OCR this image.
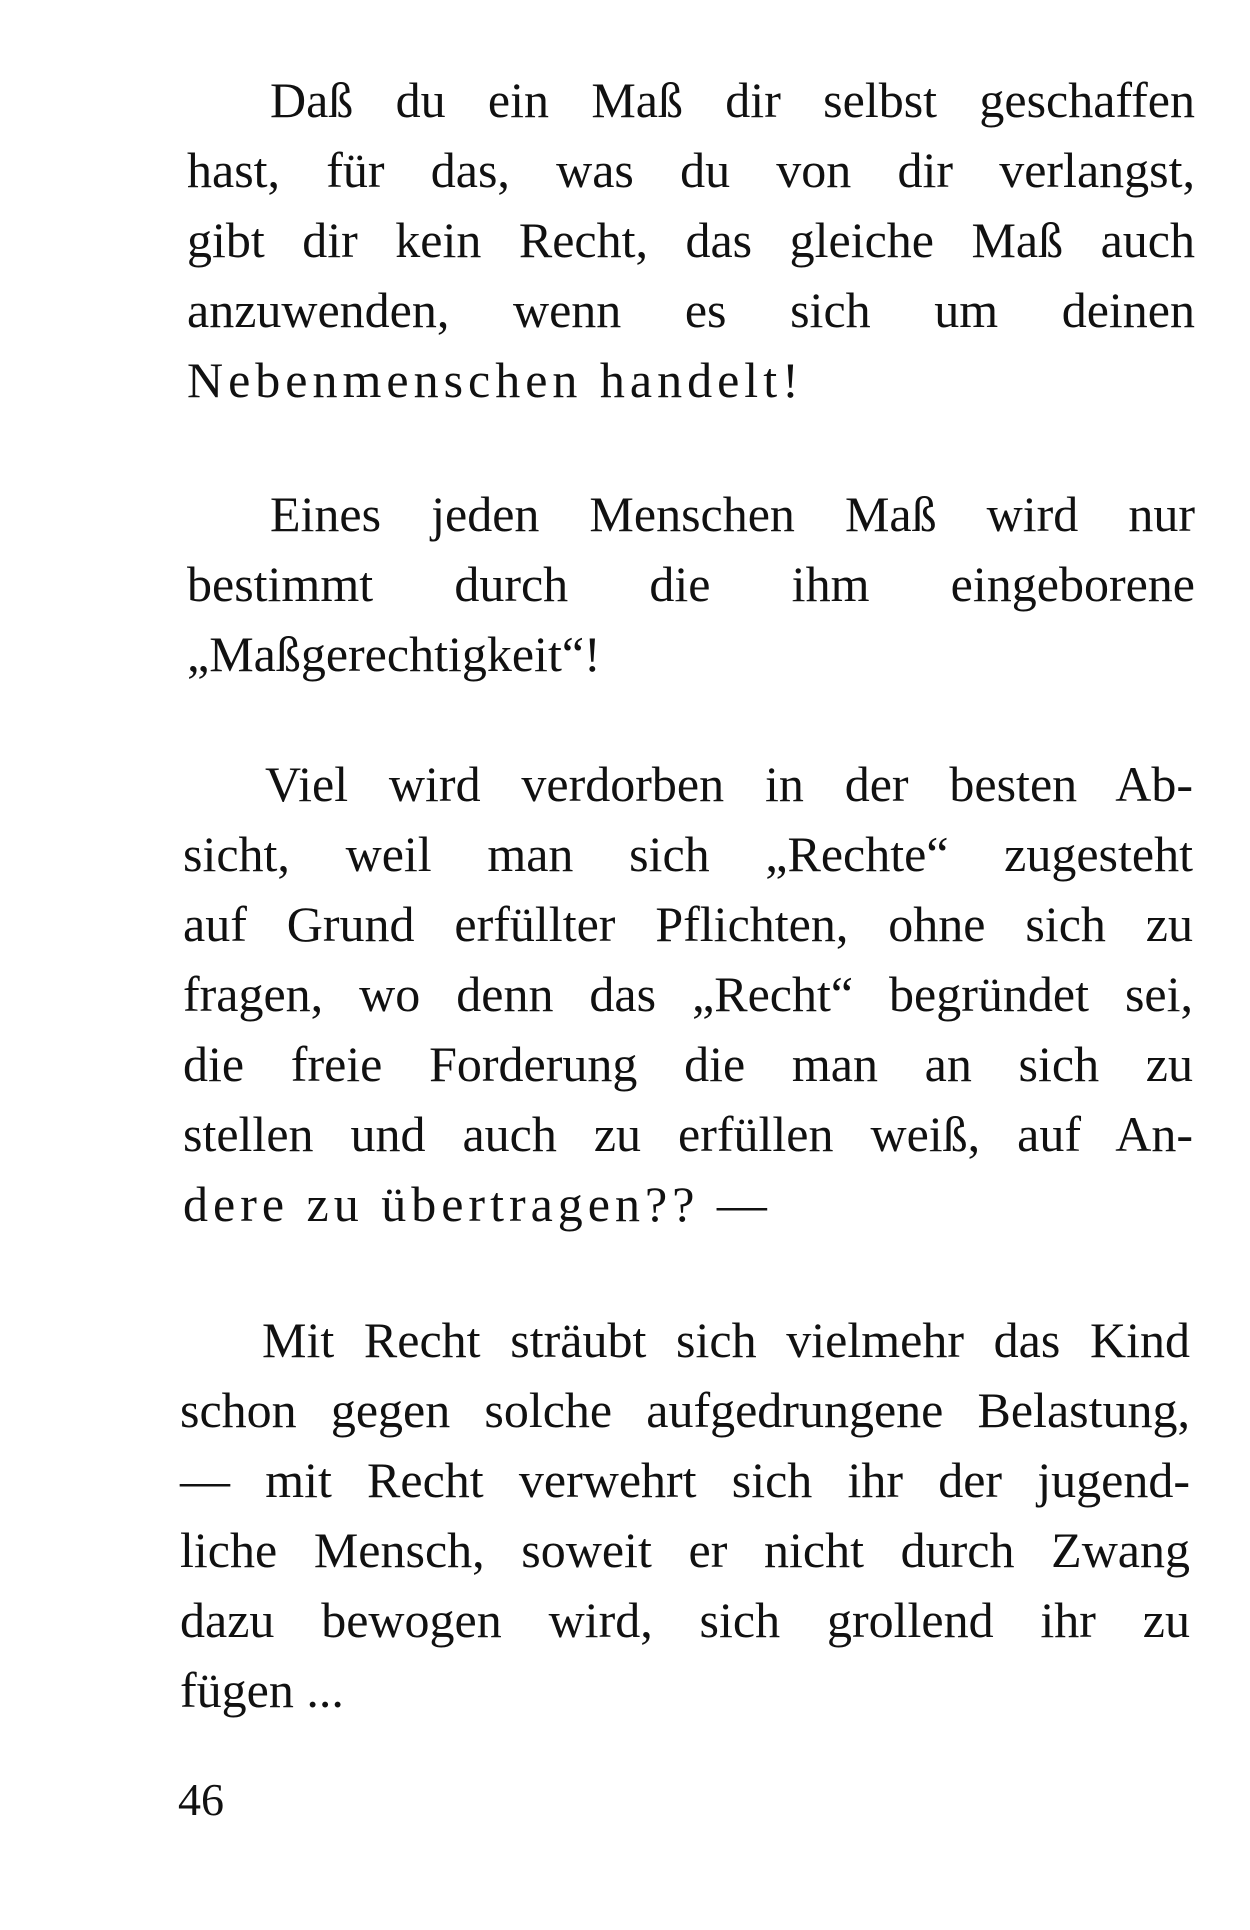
Daß du ein Maß dir selbst geschaffen
hast, für das, was du von dir verlangst,
gibt dir kein Recht, das gleiche Maß auch
anzuwenden, wenn es sich um deinen
Nebenmenschen handelt!
Eines jeden Menschen Maß wird nur
bestimmt durch die ihm eingeborene
„Maßgerechtigkeit“!
Viel wird verdorben in der besten Ab-
sicht, weil man sich „Rechte“ zugesteht
auf Grund erfüllter Pflichten, ohne sich zu
fragen, wo denn das „Recht“ begründet sei,
die freie Forderung die man an sich zu
stellen und auch zu erfüllen weiß, auf An-
dere zu übertragen?? —
Mit Recht sträubt sich vielmehr das Kind
schon gegen solche aufgedrungene Belastung,
— mit Recht verwehrt sich ihr der jugend-
liche Mensch, soweit er nicht durch Zwang
dazu bewogen wird, sich grollend ihr zu
fügen ...
46
